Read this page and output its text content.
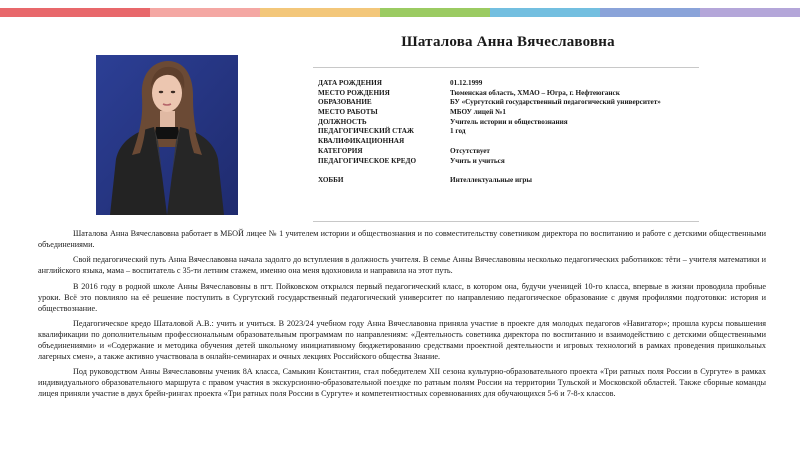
Шаталова Анна Вячеславовна
ДАТА РОЖДЕНИЯ	01.12.1999
МЕСТО РОЖДЕНИЯ	Тюменская область, ХМАО – Югра, г. Нефтеюганск
ОБРАЗОВАНИЕ	БУ «Сургутский государственный педагогический университет»
МЕСТО РАБОТЫ	МБОУ лицей №1
ДОЛЖНОСТЬ	Учитель истории и обществознания
ПЕДАГОГИЧЕСКИЙ СТАЖ	1 год
КВАЛИФИКАЦИОННАЯ
КАТЕГОРИЯ	Отсутствует
ПЕДАГОГИЧЕСКОЕ КРЕДО	Учить и учиться
ХОББИ	Интеллектуальные игры

Шаталова Анна Вячеславовна работает в МБОЙ лицее № 1 учителем истории и обществознания и по совместительству советником директора по воспитанию и работе с детскими общественными объединениями.

Свой педагогический путь Анна Вячеславовна начала задолго до вступления в должность учителя. В семье Анны Вячеславовны несколько педагогических работников: тёти – учителя математики и английского языка, мама – воспитатель с 35-ти летним стажем, именно она меня вдохновила и направила на этот путь.

В 2016 году в родной школе Анны Вячеславовны в пгт. Пойковском открылся первый педагогический класс, в котором она, будучи ученицей 10-го класса, впервые в жизни проводила пробные уроки. Всё это повлияло на её решение поступить в Сургутский государственный педагогический университет по направлению педагогическое образование с двумя профилями подготовки: история и обществознание.

Педагогическое кредо Шаталовой А.В.: учить и учиться. В 2023/24 учебном году Анна Вячеславовна приняла участие в проекте для молодых педагогов «Навигатор»; прошла курсы повышения квалификации по дополнительным профессиональным образовательным программам по направлениям: «Деятельность советника директора по воспитанию и взаимодействию с детскими общественными объединениями» и «Содержание и методика обучения детей школьному инициативному бюджетированию средствами проектной деятельности и игровых технологий в рамках проведения пришкольных лагерных смен», а также активно участвовала в онлайн-семинарах и очных лекциях Российского общества Знание.

Под руководством Анны Вячеславовны ученик 8А класса, Самыкин Константин, стал победителем XII сезона культурно-образовательного проекта «Три ратных поля России в Сургуте» в рамках индивидуального образовательного маршрута с правом участия в экскурсионно-образовательной поездке по ратным полям России на территории Тульской и Московской областей. Также сборные команды лицея приняли участие в двух брейн-рингах проекта «Три ратных поля России в Сургуте» и компетентностных соревнованиях для обучающихся 5-6 и 7-8-х классов.
